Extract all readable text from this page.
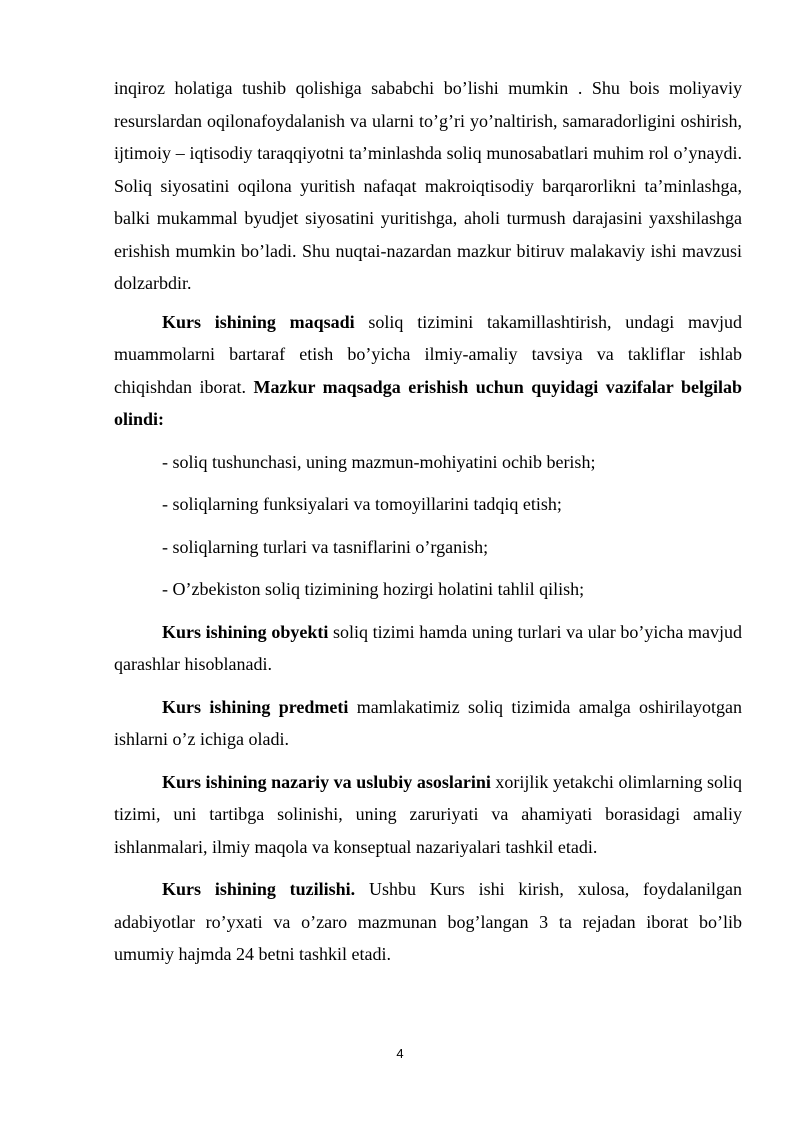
inqiroz holatiga tushib qolishiga sababchi bo’lishi mumkin . Shu bois moliyaviy resurslardan oqilonafoydalanish va ularni to’g’ri yo’naltirish, samaradorligini oshirish, ijtimoiy – iqtisodiy taraqqiyotni ta’minlashda soliq munosabatlari muhim rol o’ynaydi. Soliq siyosatini oqilona yuritish nafaqat makroiqtisodiy barqarorlikni ta’minlashga, balki mukammal byudjet siyosatini yuritishga, aholi turmush darajasini yaxshilashga erishish mumkin bo’ladi. Shu nuqtai-nazardan mazkur bitiruv malakaviy ishi mavzusi dolzarbdir.

Kurs ishining maqsadi soliq tizimini takamillashtirish, undagi mavjud muammolarni bartaraf etish bo’yicha ilmiy-amaliy tavsiya va takliflar ishlab chiqishdan iborat. Mazkur maqsadga erishish uchun quyidagi vazifalar belgilab olindi:

- soliq tushunchasi, uning mazmun-mohiyatini ochib berish;

- soliqlarning funksiyalari va tomoyillarini tadqiq etish;

- soliqlarning turlari va tasniflarini o’rganish;

- O’zbekiston soliq tizimining hozirgi holatini tahlil qilish;

Kurs ishining obyekti soliq tizimi hamda uning turlari va ular bo’yicha mavjud qarashlar hisoblanadi.

Kurs ishining predmeti mamlakatimiz soliq tizimida amalga oshirilayotgan ishlarni o’z ichiga oladi.

Kurs ishining nazariy va uslubiy asoslarini xorijlik yetakchi olimlarning soliq tizimi, uni tartibga solinishi, uning zaruriyati va ahamiyati borasidagi amaliy ishlanmalari, ilmiy maqola va konseptual nazariyalari tashkil etadi.

Kurs ishining tuzilishi. Ushbu Kurs ishi kirish, xulosa, foydalanilgan adabiyotlar ro’yxati va o’zaro mazmunan bog’langan 3 ta rejadan iborat bo’lib umumiy hajmda 24 betni tashkil etadi.

4
